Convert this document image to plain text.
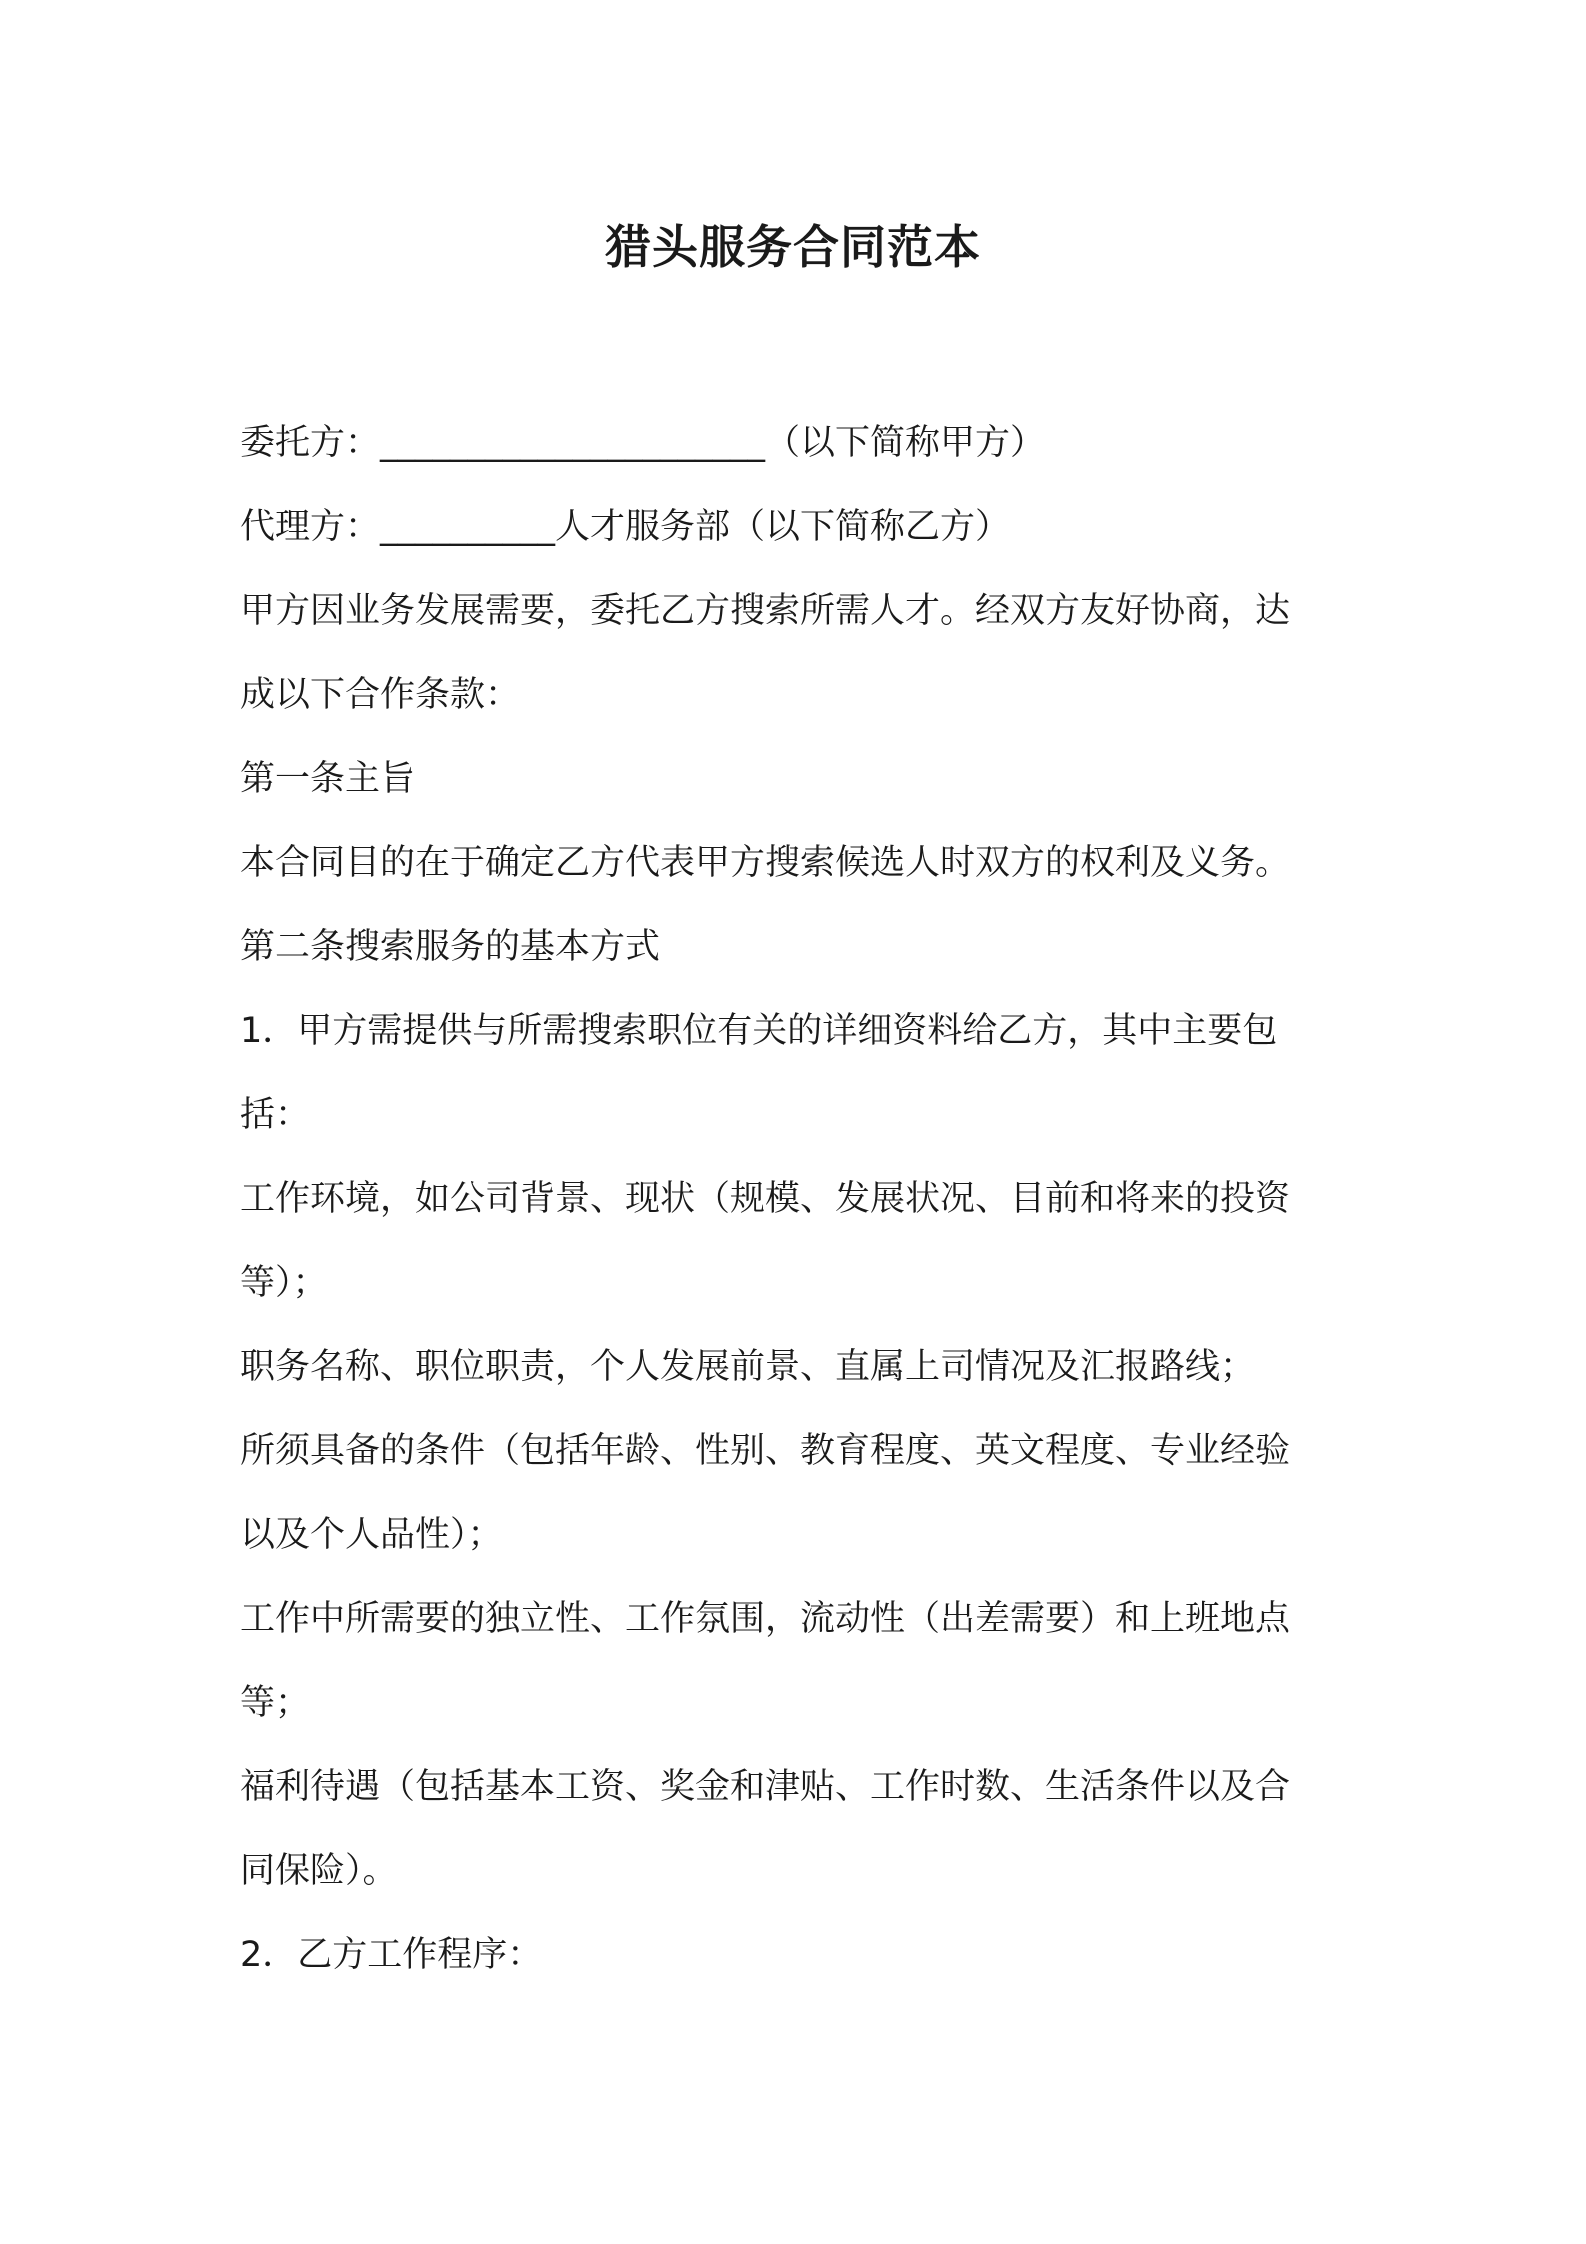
猎头服务合同范本
委托方：______________________（以下简称甲方）
代理方：__________人才服务部（以下简称乙方）
甲方因业务发展需要，委托乙方搜索所需人才。经双方友好协商，达
成以下合作条款：
第一条主旨
本合同目的在于确定乙方代表甲方搜索候选人时双方的权利及义务。
第二条搜索服务的基本方式
1．甲方需提供与所需搜索职位有关的详细资料给乙方，其中主要包
括：
工作环境，如公司背景、现状（规模、发展状况、目前和将来的投资
等）；
职务名称、职位职责，个人发展前景、直属上司情况及汇报路线；
所须具备的条件（包括年龄、性别、教育程度、英文程度、专业经验
以及个人品性）；
工作中所需要的独立性、工作氛围，流动性（出差需要）和上班地点
等；
福利待遇（包括基本工资、奖金和津贴、工作时数、生活条件以及合
同保险）。
2．乙方工作程序：
